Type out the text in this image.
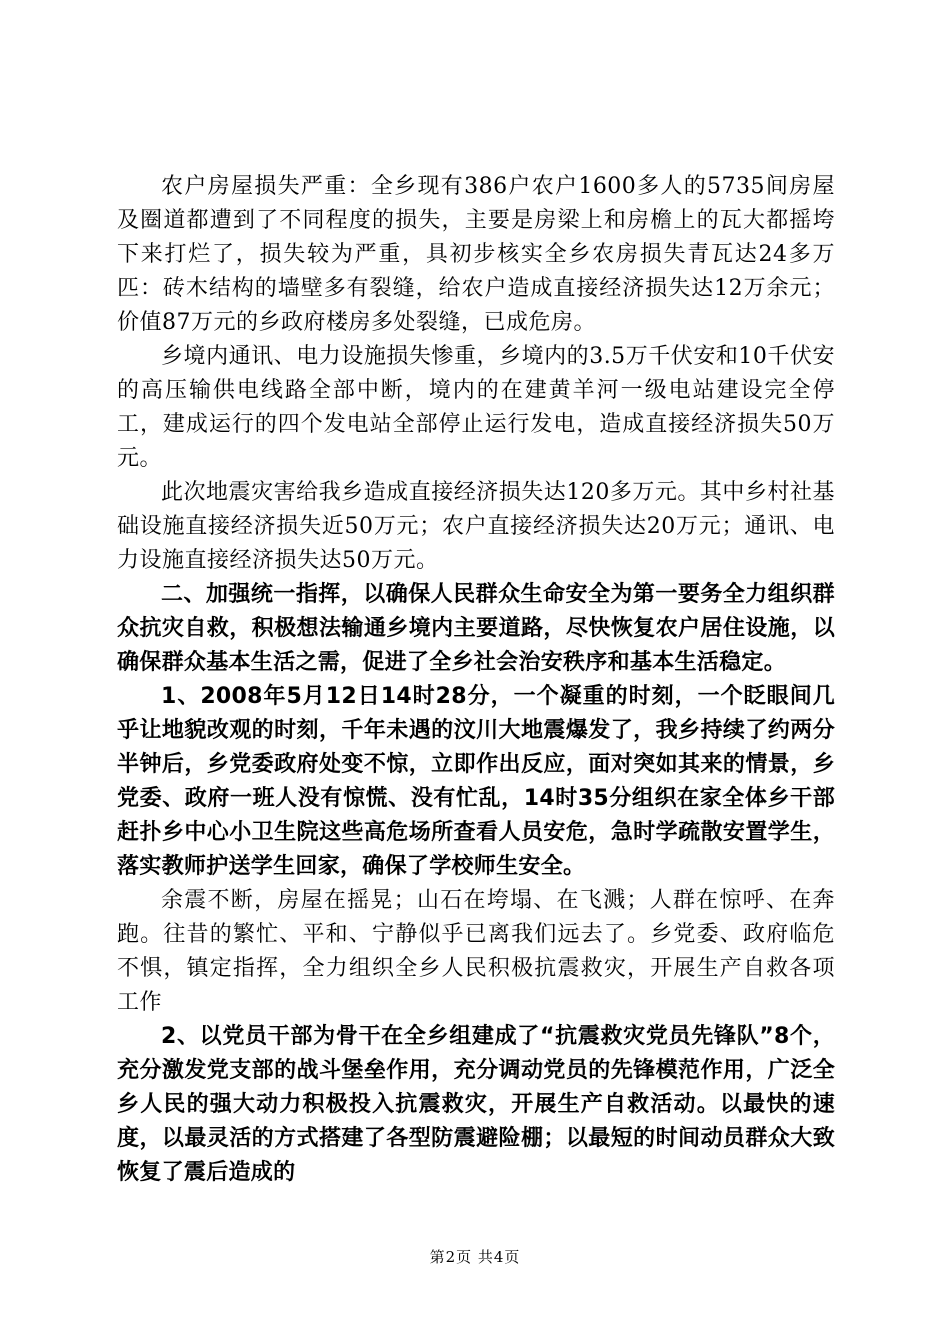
农户房屋损失严重：全乡现有386户农户1600多人的5735间房屋及圈道都遭到了不同程度的损失，主要是房梁上和房檐上的瓦大都摇垮下来打烂了，损失较为严重，具初步核实全乡农房损失青瓦达24多万匹：砖木结构的墙壁多有裂缝，给农户造成直接经济损失达12万余元；价值87万元的乡政府楼房多处裂缝，已成危房。

乡境内通讯、电力设施损失惨重，乡境内的3.5万千伏安和10千伏安的高压输供电线路全部中断，境内的在建黄羊河一级电站建设完全停工，建成运行的四个发电站全部停止运行发电，造成直接经济损失50万元。

此次地震灾害给我乡造成直接经济损失达120多万元。其中乡村社基础设施直接经济损失近50万元；农户直接经济损失达20万元；通讯、电力设施直接经济损失达50万元。

二、加强统一指挥，以确保人民群众生命安全为第一要务全力组织群众抗灾自救，积极想法输通乡境内主要道路，尽快恢复农户居住设施，以确保群众基本生活之需，促进了全乡社会治安秩序和基本生活稳定。

1、2008年5月12日14时28分，一个凝重的时刻，一个眨眼间几乎让地貌改观的时刻，千年未遇的汶川大地震爆发了，我乡持续了约两分半钟后，乡党委政府处变不惊，立即作出反应，面对突如其来的情景，乡党委、政府一班人没有惊慌、没有忙乱，14时35分组织在家全体乡干部赶扑乡中心小卫生院这些高危场所查看人员安危，急时学疏散安置学生，落实教师护送学生回家，确保了学校师生安全。

余震不断，房屋在摇晃；山石在垮塌、在飞溅；人群在惊呼、在奔跑。往昔的繁忙、平和、宁静似乎已离我们远去了。乡党委、政府临危不惧，镇定指挥，全力组织全乡人民积极抗震救灾，开展生产自救各项工作

2、以党员干部为骨干在全乡组建成了“抗震救灾党员先锋队”8个，充分激发党支部的战斗堡垒作用，充分调动党员的先锋模范作用，广泛全乡人民的强大动力积极投入抗震救灾，开展生产自救活动。以最快的速度，以最灵活的方式搭建了各型防震避险棚；以最短的时间动员群众大致恢复了震后造成的

第2页 共4页
